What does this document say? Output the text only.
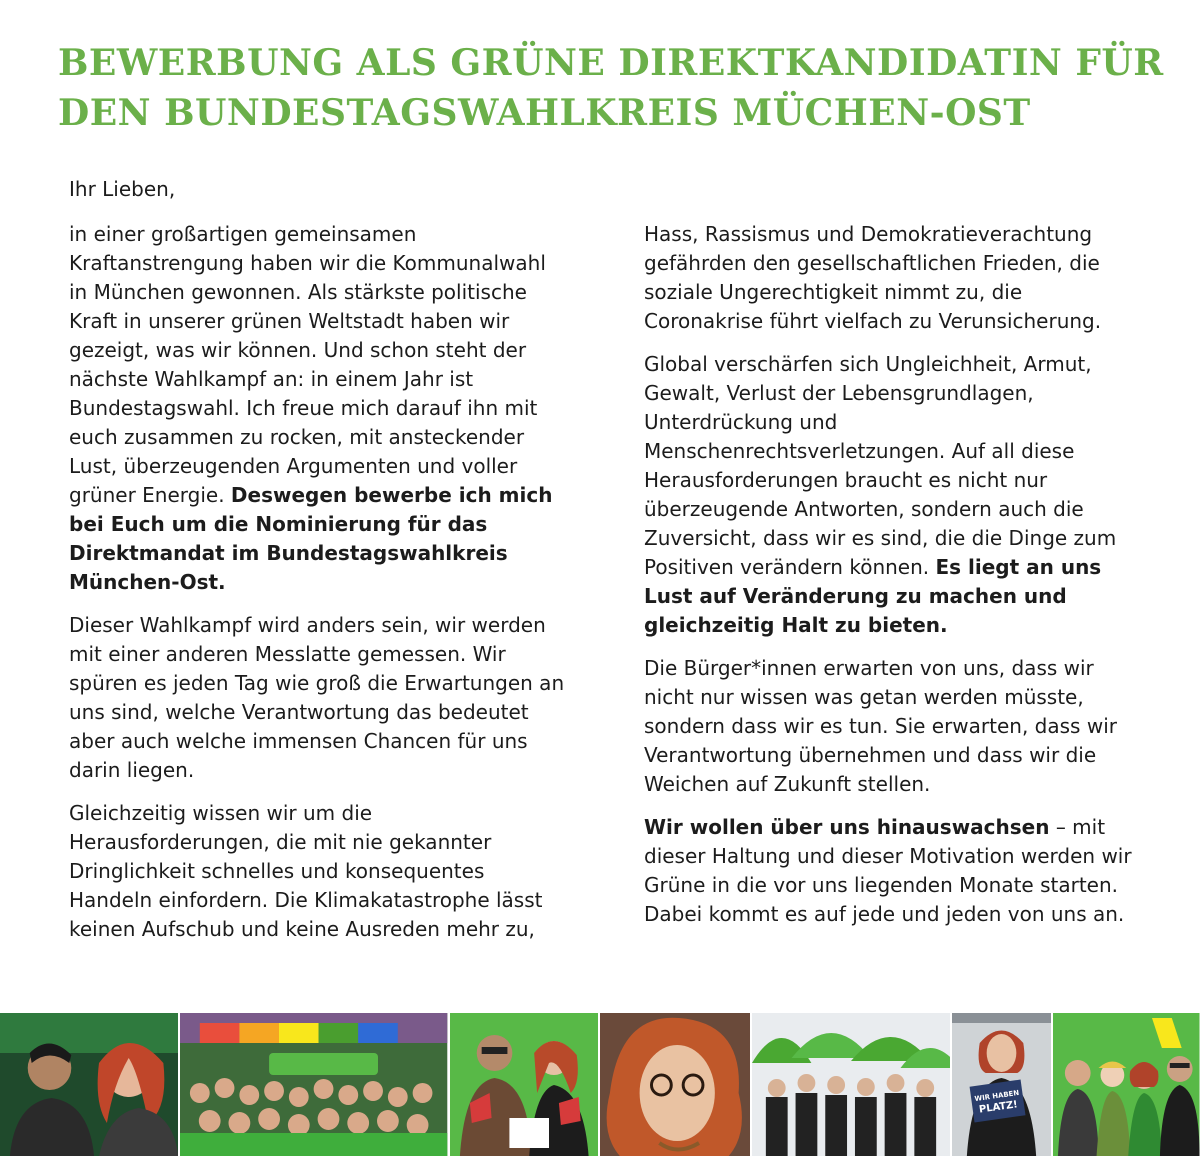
BEWERBUNG ALS GRÜNE DIREKTKANDIDATIN FÜR
DEN BUNDESTAGSWAHLKREIS MÜCHEN-OST

Ihr Lieben,

in einer großartigen gemeinsamen Kraftanstrengung haben wir die Kommunalwahl in München gewonnen. Als stärkste politische Kraft in unserer grünen Weltstadt haben wir gezeigt, was wir können. Und schon steht der nächste Wahlkampf an: in einem Jahr ist Bundestagswahl. Ich freue mich darauf ihn mit euch zusammen zu rocken, mit ansteckender Lust, überzeugenden Argumenten und voller grüner Energie. Deswegen bewerbe ich mich bei Euch um die Nominierung für das Direktmandat im Bundestagswahlkreis München-Ost.

Dieser Wahlkampf wird anders sein, wir werden mit einer anderen Messlatte gemessen. Wir spüren es jeden Tag wie groß die Erwartungen an uns sind, welche Verantwortung das bedeutet aber auch welche immensen Chancen für uns darin liegen.

Gleichzeitig wissen wir um die Herausforderungen, die mit nie gekannter Dringlichkeit schnelles und konsequentes Handeln einfordern. Die Klimakatastrophe lässt keinen Aufschub und keine Ausreden mehr zu,

Hass, Rassismus und Demokratieverachtung gefährden den gesellschaftlichen Frieden, die soziale Ungerechtigkeit nimmt zu, die Coronakrise führt vielfach zu Verunsicherung.

Global verschärfen sich Ungleichheit, Armut, Gewalt, Verlust der Lebensgrundlagen, Unterdrückung und Menschenrechtsverletzungen. Auf all diese Herausforderungen braucht es nicht nur überzeugende Antworten, sondern auch die Zuversicht, dass wir es sind, die die Dinge zum Positiven verändern können. Es liegt an uns Lust auf Veränderung zu machen und gleichzeitig Halt zu bieten.

Die Bürger*innen erwarten von uns, dass wir nicht nur wissen was getan werden müsste, sondern dass wir es tun. Sie erwarten, dass wir Verantwortung übernehmen und dass wir die Weichen auf Zukunft stellen.

Wir wollen über uns hinauswachsen – mit dieser Haltung und dieser Motivation werden wir Grüne in die vor uns liegenden Monate starten. Dabei kommt es auf jede und jeden von uns an.

WIR HABEN
PLATZ!
